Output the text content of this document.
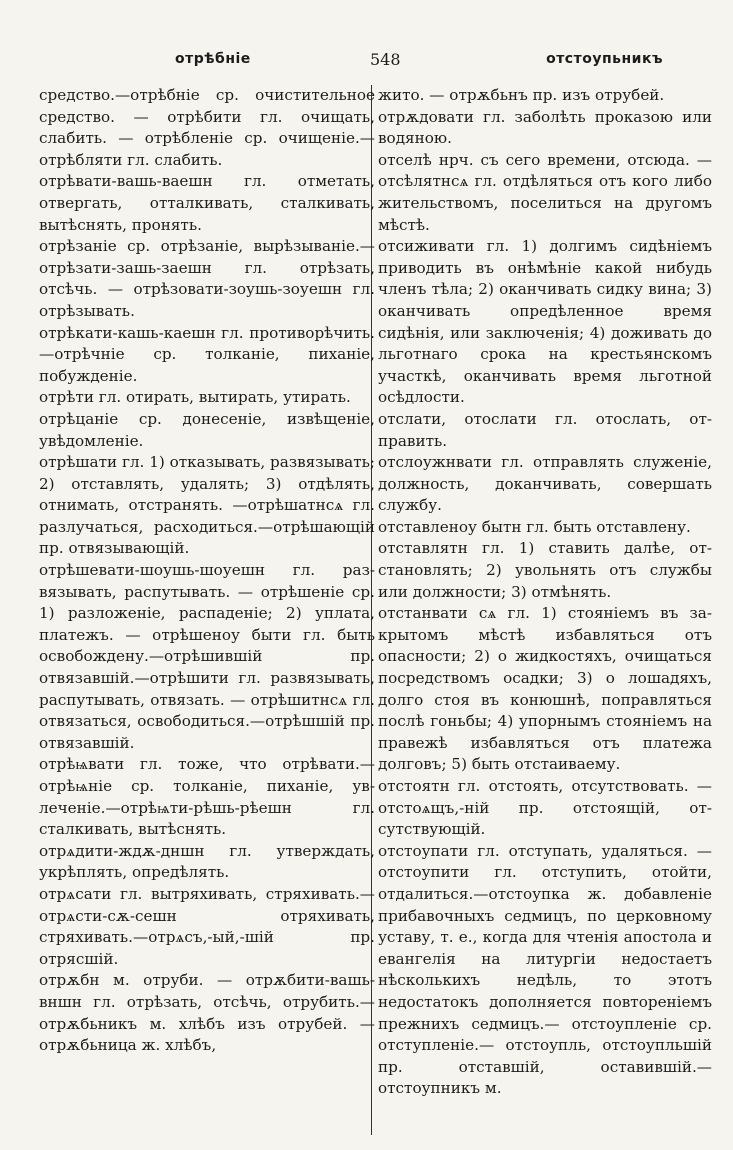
отрѣбніе	548	отстоупьникъ

средство.—отрѣбніе ср. очистительное средство. — отрѣбити гл. очищать, слабить. — отрѣбленіе ср. очищеніе.—отрѣбляти гл. слабить.

отрѣвати-вашь-ваешн гл. отметать, отвергать, отталкивать, сталкивать, вытѣснять, пронять.

отрѣзаніе ср. отрѣзаніе, вырѣзываніе.— отрѣзати-зашь-заешн гл. отрѣзать, отсѣчь. — отрѣзовати-зоушь-зоуешн гл. отрѣзывать.

отрѣкати-кашь-каешн гл. противорѣчить.—отрѣчніе ср. толканіе, пиханіе, побужденіе.

отрѣти гл. отирать, вытирать, утирать.

отрѣцаніе ср. донесеніе, извѣщеніе, увѣдомленіе.

отрѣшати гл. 1) отказывать, развязывать; 2) отставлять, удалять; 3) отдѣлять, отнимать, отстранять. —отрѣшатнсѧ гл. разлучаться, расходиться.—отрѣшающій пр. отвязывающій.

отрѣшевати-шоушь-шоуешн гл. развязывать, распутывать. — отрѣшеніе ср. 1) разложеніе, распаденіе; 2) уплата, платежъ. — отрѣшеноу быти гл. быть освобождену.—отрѣшившій пр. отвязавшій.—отрѣшити гл. развязывать, распутывать, отвязать. — отрѣшитнсѧ гл. отвязаться, освободиться.—отрѣшшій пр. отвязавшій.

отрѣѩвати гл. тоже, что отрѣвати.— отрѣѩніе ср. толканіе, пиханіе, увлеченіе.—отрѣѩти-рѣшь-рѣешн гл. сталкивать, вытѣснять.

отрѧдити-ждѫ-дншн гл. утверждать, укрѣплять, опредѣлять.

отрѧсати гл. вытряхивать, стряхивать.—отрѧсти-сѫ-сешн отряхивать, стряхивать.—отрѧсъ,-ый,-шій пр. отрясшій.

отрѫбн м. отруби. — отрѫбити-вашь-вншн гл. отрѣзать, отсѣчь, отрубить.—отрѫбьникъ м. хлѣбъ изъ отрубей. — отрѫбьница ж. хлѣбъ,

жито. — отрѫбьнъ пр. изъ отрубей.

отрѫдовати гл. заболѣть проказою или водяною.

отселѣ нрч. съ сего времени, отсюда. —отсѣлятнсѧ гл. отдѣляться отъ кого либо жительствомъ, поселиться на другомъ мѣстѣ.

отсиживати гл. 1) долгимъ сидѣніемъ приводить въ онѣмѣніе какой нибудь членъ тѣла; 2) оканчивать сидку вина; 3) оканчивать опредѣленное время сидѣнія, или заключенія; 4) доживать до льготнаго срока на крестьянскомъ участкѣ, оканчивать время льготной осѣдлости.

отслати, отослати гл. отослать, отправить.

отслоужнвати гл. отправлять служеніе, должность, доканчивать, совершать службу.

отставленоу бытн гл. быть отставлену.

отставлятн гл. 1) ставить далѣе, отстановлять; 2) увольнять отъ службы или должности; 3) отмѣнять.

отстанвати сѧ гл. 1) стояніемъ въ закрытомъ мѣстѣ избавляться отъ опасности; 2) о жидкостяхъ, очищаться посредствомъ осадки; 3) о лошадяхъ, долго стоя въ конюшнѣ, поправляться послѣ гоньбы; 4) упорнымъ стояніемъ на правежѣ избавляться отъ платежа долговъ; 5) быть отстаиваему.

отстоятн гл. отстоять, отсутствовать. —отстоѧщъ,-ній пр. отстоящій, отсутствующій.

отстоупати гл. отступать, удаляться. —отстоупити гл. отступить, отойти, отдалиться.—отстоупка ж. добавленіе прибавочныхъ седмицъ, по церковному уставу, т. е., когда для чтенія апостола и евангелія на литургіи недостаетъ нѣсколькихъ недѣль, то этотъ недостатокъ дополняется повтореніемъ прежнихъ седмицъ.— отстоупленіе ср. отступленіе.— отстоупль, отстоупльшій пр. отставшій, оставившій.— отстоупникъ м.
